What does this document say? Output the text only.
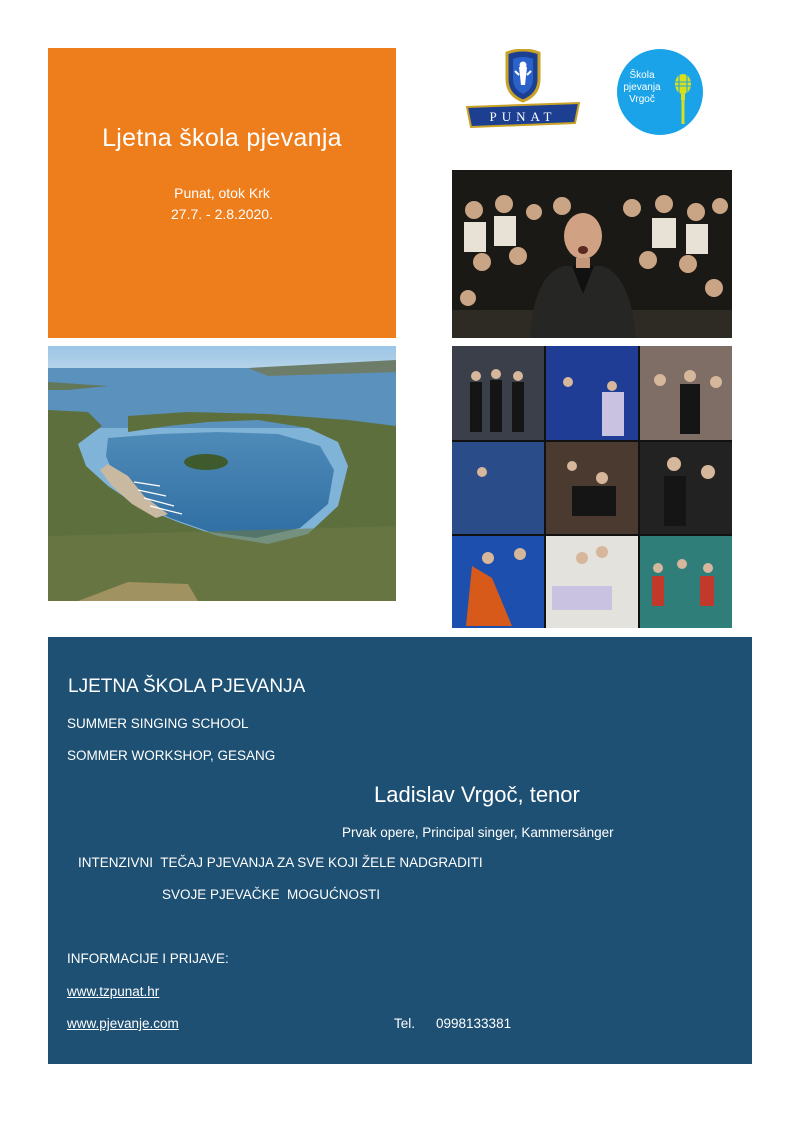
Ljetna škola pjevanja
Punat, otok Krk
27.7. - 2.8.2020.
PUNAT
Škola
pjevanja
Vrgoč
LJETNA ŠKOLA PJEVANJA
SUMMER SINGING SCHOOL
SOMMER WORKSHOP, GESANG
Ladislav Vrgoč, tenor
Prvak opere, Principal singer, Kammersänger
INTENZIVNI  TEČAJ PJEVANJA ZA SVE KOJI ŽELE NADGRADITI
SVOJE PJEVAČKE  MOGUĆNOSTI
INFORMACIJE I PRIJAVE:
www.tzpunat.hr
www.pjevanje.com	Tel. 0998133381
